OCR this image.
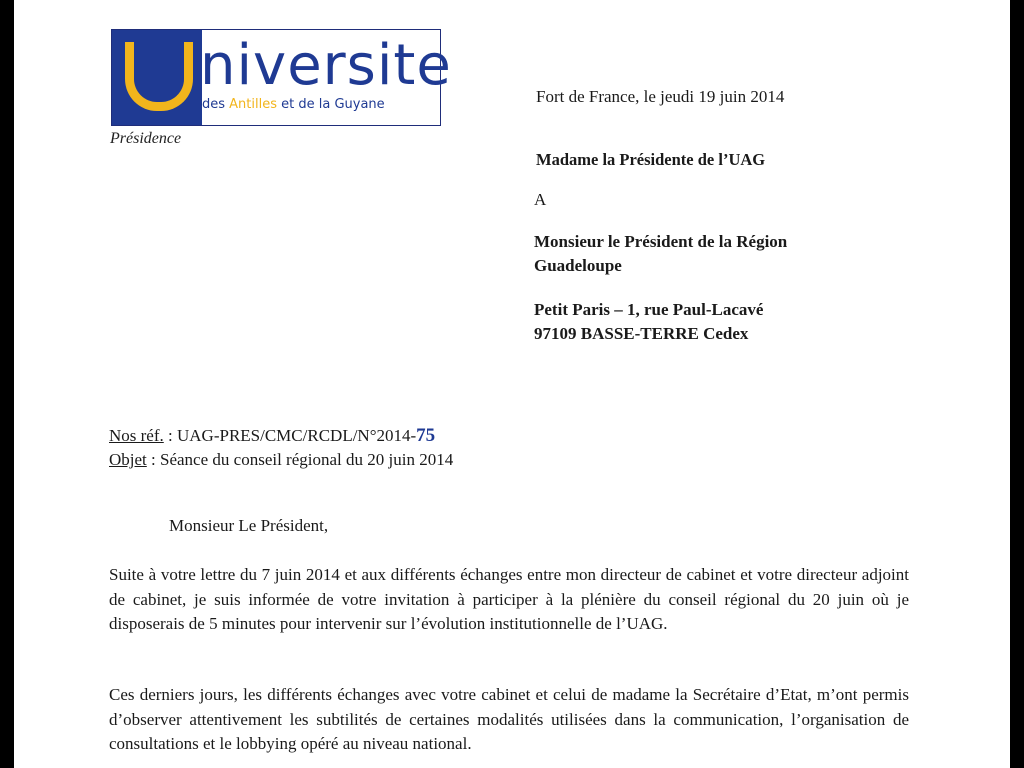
niversite
des Antilles et de la Guyane
Présidence
Fort de France, le jeudi 19 juin 2014
Madame la Présidente de l’UAG
A
Monsieur le Président de la Région
Guadeloupe
Petit Paris – 1, rue Paul-Lacavé
97109 BASSE-TERRE Cedex
Nos réf. : UAG-PRES/CMC/RCDL/N°2014-75
Objet : Séance du conseil régional du 20 juin 2014
Monsieur Le Président,
Suite à votre lettre du 7 juin 2014 et aux différents échanges entre mon directeur de cabinet et votre directeur adjoint de cabinet, je suis informée de votre invitation à participer à la plénière du conseil régional du 20 juin où je disposerais de 5 minutes pour intervenir sur l’évolution institutionnelle de l’UAG.
Ces derniers jours, les différents échanges avec votre cabinet et celui de madame la Secrétaire d’Etat, m’ont permis d’observer attentivement les subtilités de certaines modalités utilisées dans la communication, l’organisation de consultations et le lobbying opéré au niveau national.
